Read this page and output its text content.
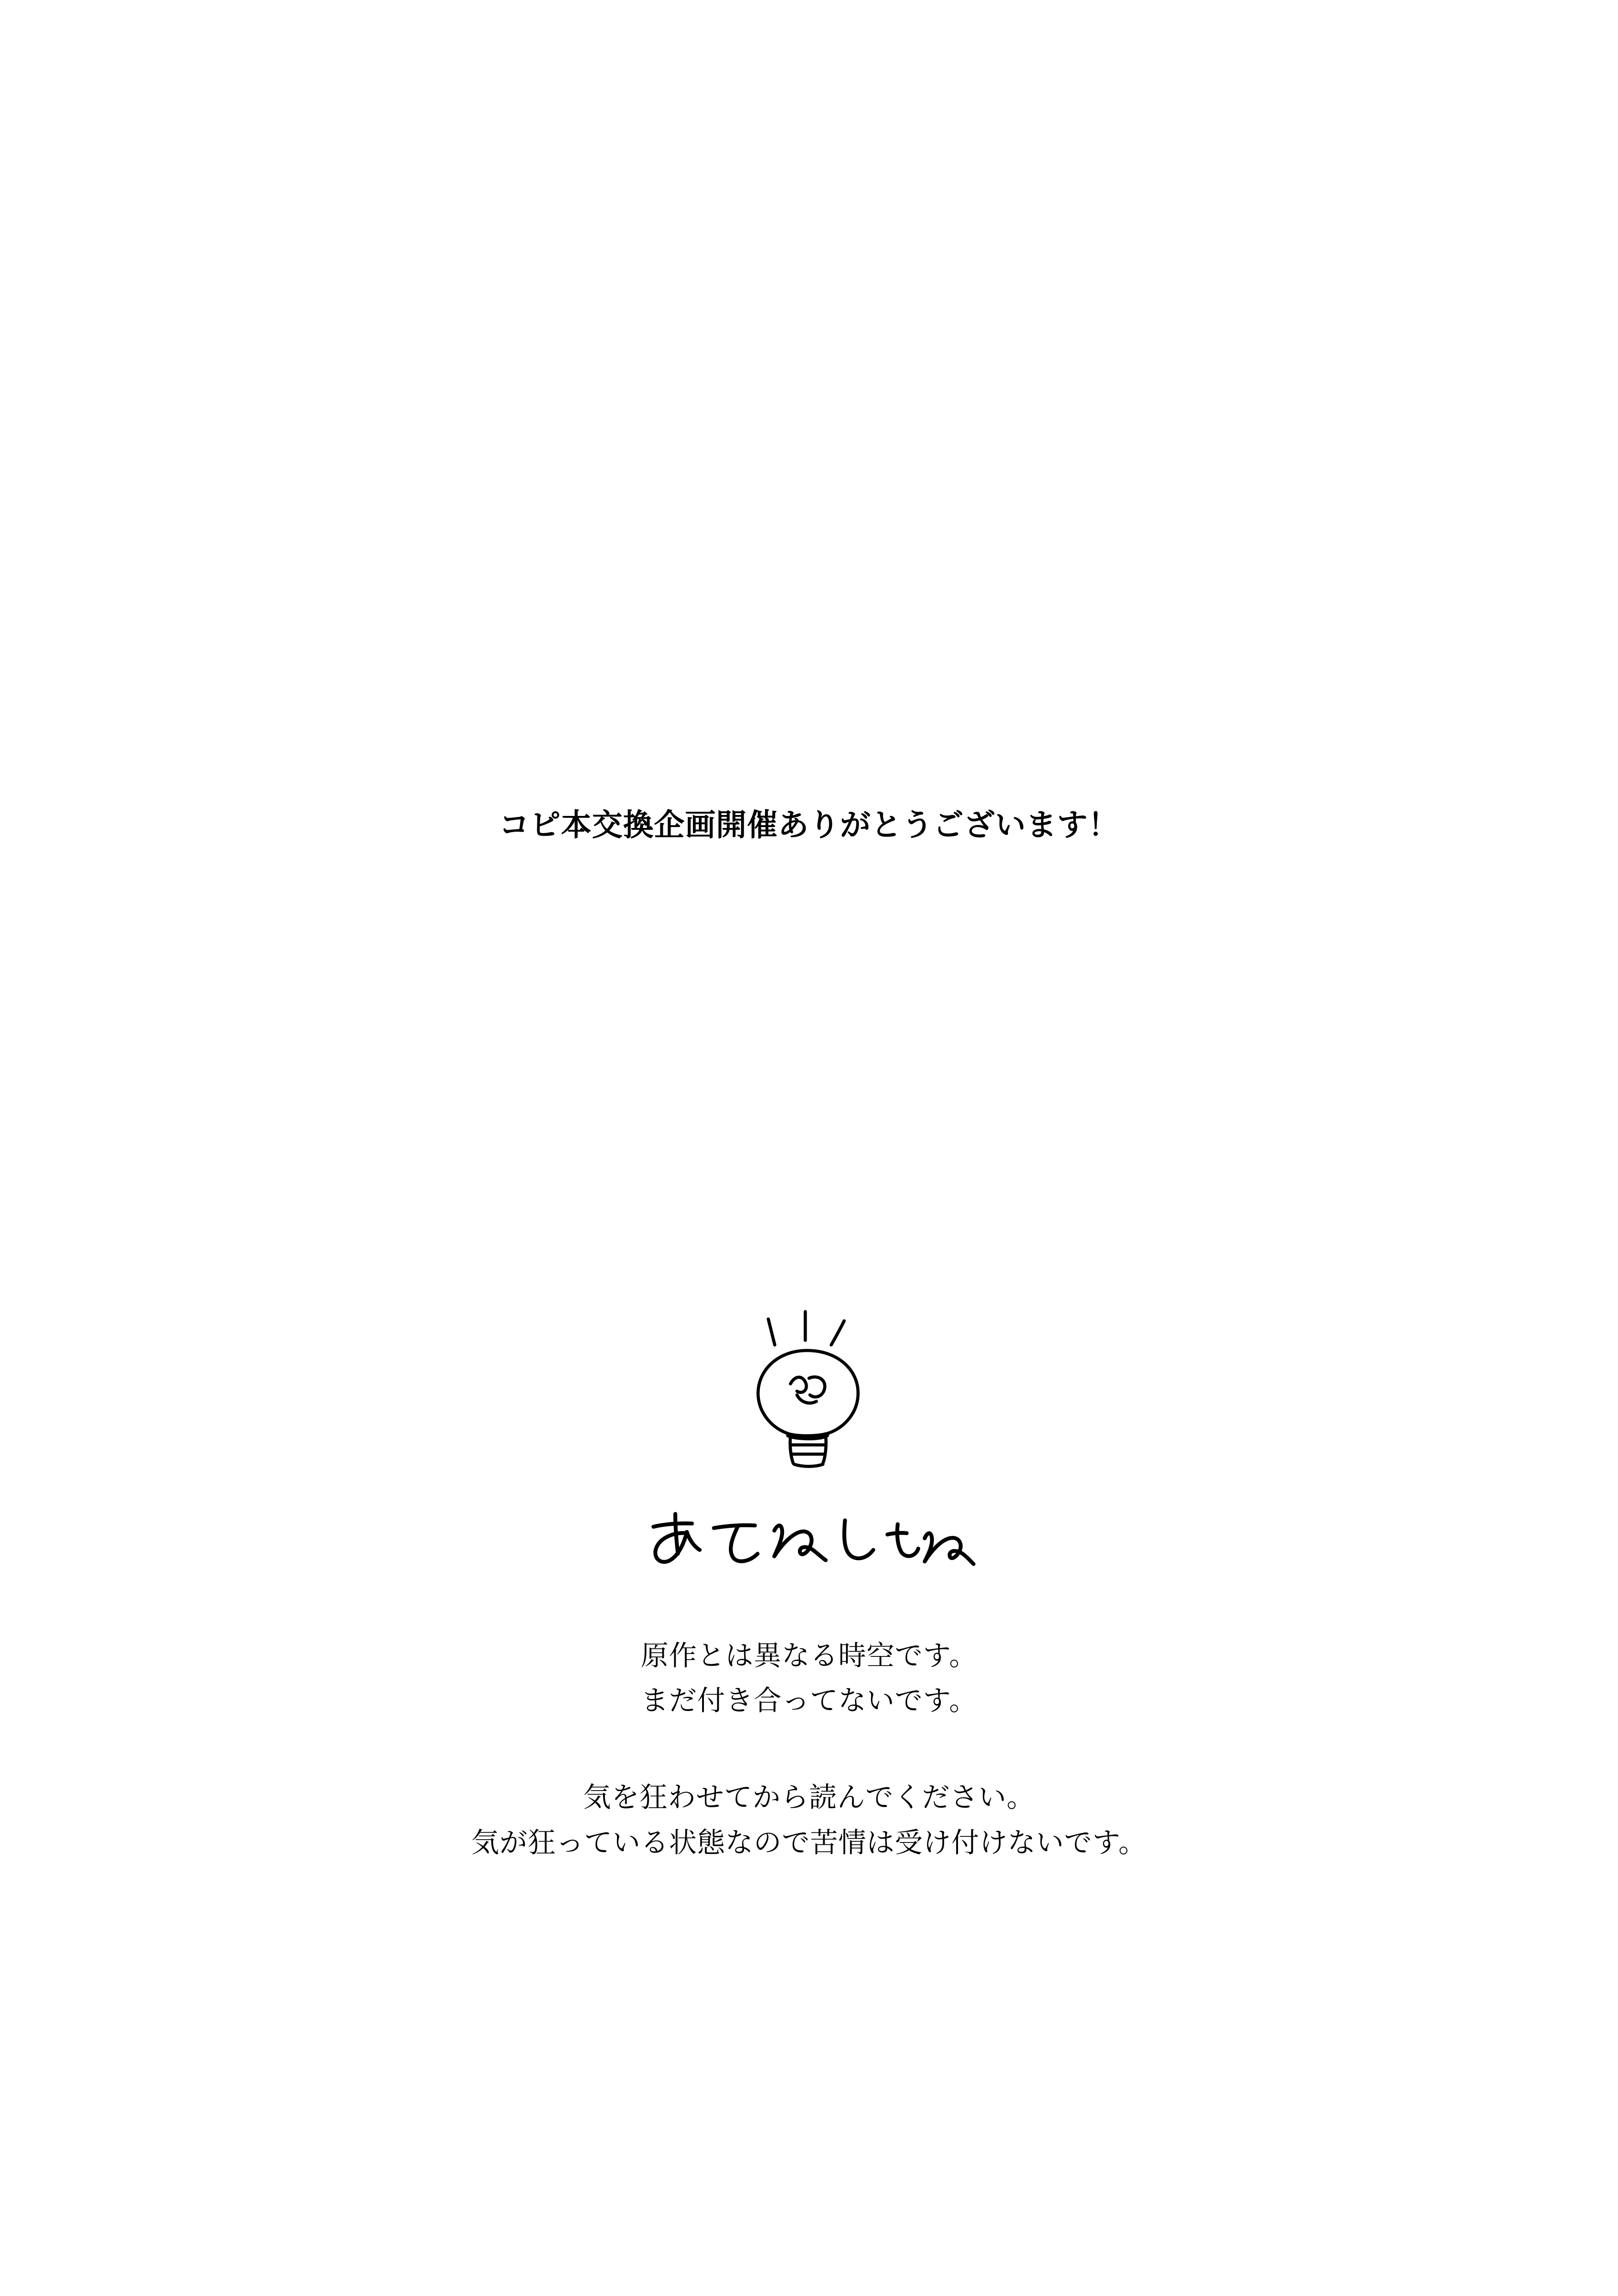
コピ本交換企画開催ありがとうございます！
原作とは異なる時空です。
まだ付き合ってないです。
気を狂わせてから読んでください。
気が狂っている状態なので苦情は受け付けないです。
